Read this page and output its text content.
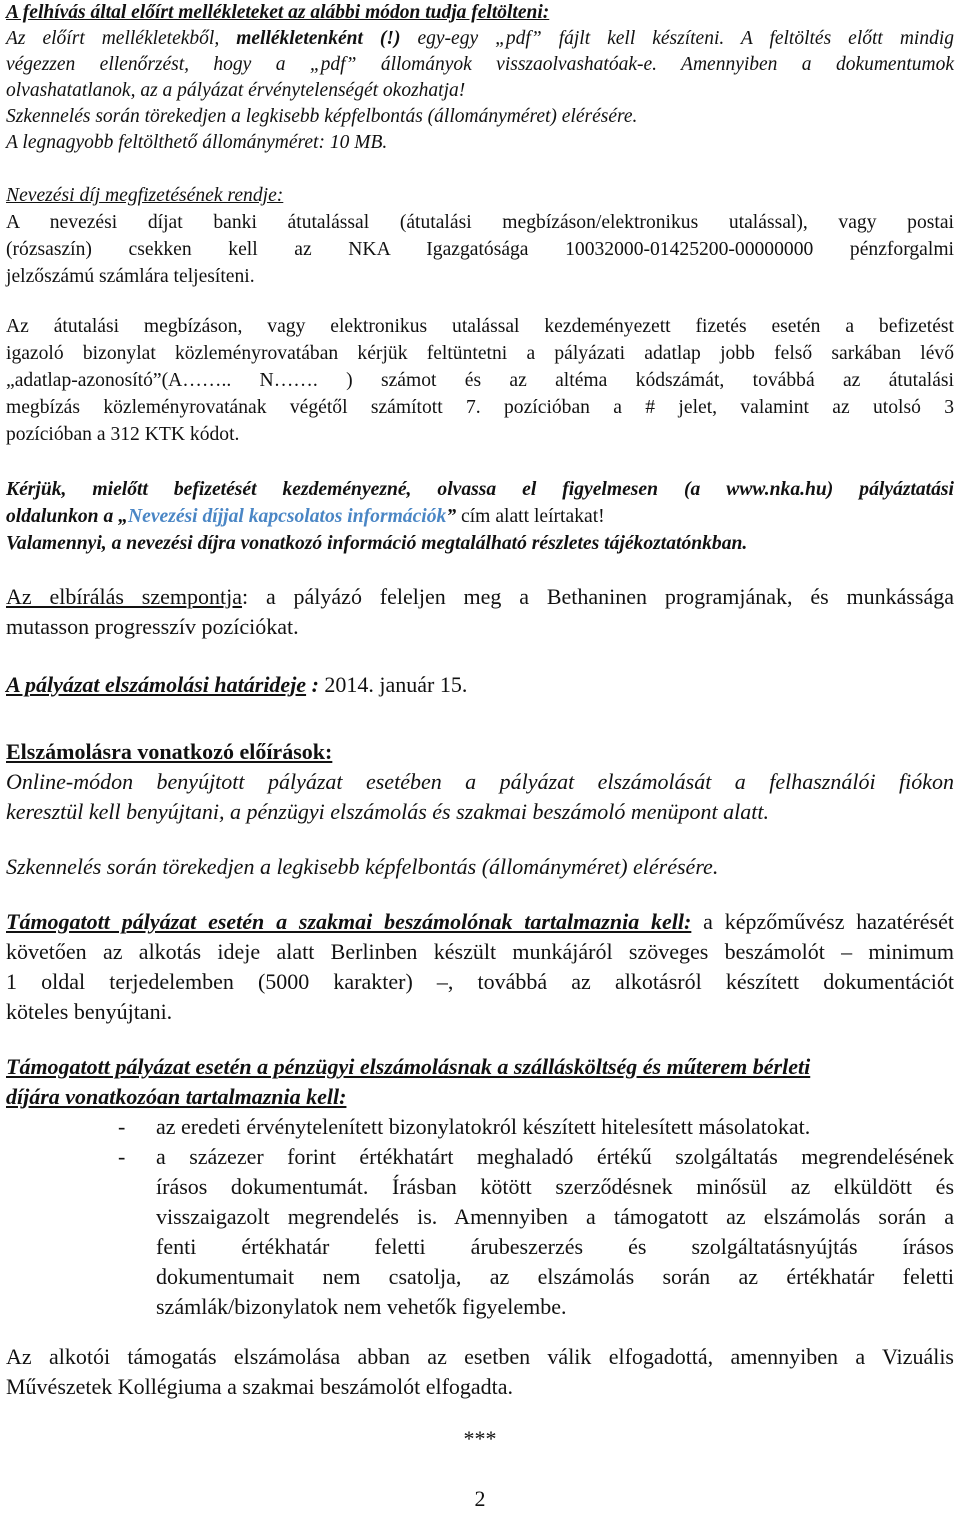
A felhívás által előírt mellékleteket az alábbi módon tudja feltölteni:
Az előírt mellékletekből, mellékletenként (!) egy-egy „pdf” fájlt kell készíteni. A feltöltés előtt mindig
végezzen ellenőrzést, hogy a „pdf” állományok visszaolvashatóak-e. Amennyiben a dokumentumok
olvashatatlanok, az a pályázat érvénytelenségét okozhatja!
Szkennelés során törekedjen a legkisebb képfelbontás (állományméret) elérésére.
A legnagyobb feltölthető állományméret: 10 MB.
Nevezési díj megfizetésének rendje:
A nevezési díjat banki átutalással (átutalási megbízáson/elektronikus utalással), vagy postai
(rózsaszín) csekken kell az NKA Igazgatósága 10032000-01425200-00000000 pénzforgalmi
jelzőszámú számlára teljesíteni.
Az átutalási megbízáson, vagy elektronikus utalással kezdeményezett fizetés esetén a befizetést
igazoló bizonylat közleményrovatában kérjük feltüntetni a pályázati adatlap jobb felső sarkában lévő
„adatlap-azonosító”(A…….. N……. ) számot és az altéma kódszámát, továbbá az átutalási
megbízás közleményrovatának végétől számított 7. pozícióban a # jelet, valamint az utolsó 3
pozícióban a 312 KTK kódot.
Kérjük, mielőtt befizetését kezdeményezné, olvassa el figyelmesen (a www.nka.hu) pályáztatási
oldalunkon a „Nevezési díjjal kapcsolatos információk” cím alatt leírtakat!
Valamennyi, a nevezési díjra vonatkozó információ megtalálható részletes tájékoztatónkban.
Az elbírálás szempontja: a pályázó feleljen meg a Bethaninen programjának, és munkássága
mutasson progresszív pozíciókat.
A pályázat elszámolási határideje : 2014. január 15.
Elszámolásra vonatkozó előírások:
Online-módon benyújtott pályázat esetében a pályázat elszámolását a felhasználói fiókon
keresztül kell benyújtani, a pénzügyi elszámolás és szakmai beszámoló menüpont alatt.
Szkennelés során törekedjen a legkisebb képfelbontás (állományméret) elérésére.
Támogatott pályázat esetén a szakmai beszámolónak tartalmaznia kell: a képzőművész hazatérését
követően az alkotás ideje alatt Berlinben készült munkájáról szöveges beszámolót – minimum
1 oldal terjedelemben (5000 karakter) –, továbbá az alkotásról készített dokumentációt
köteles benyújtani.
Támogatott pályázat esetén a pénzügyi elszámolásnak a szállásköltség és műterem bérleti
díjára vonatkozóan tartalmaznia kell:
- az eredeti érvénytelenített bizonylatokról készített hitelesített másolatokat.
- a százezer forint értékhatárt meghaladó értékű szolgáltatás megrendelésének
írásos dokumentumát. Írásban kötött szerződésnek minősül az elküldött és
visszaigazolt megrendelés is. Amennyiben a támogatott az elszámolás során a
fenti értékhatár feletti árubeszerzés és szolgáltatásnyújtás írásos
dokumentumait nem csatolja, az elszámolás során az értékhatár feletti
számlák/bizonylatok nem vehetők figyelembe.
Az alkotói támogatás elszámolása abban az esetben válik elfogadottá, amennyiben a Vizuális
Művészetek Kollégiuma a szakmai beszámolót elfogadta.
***
2
